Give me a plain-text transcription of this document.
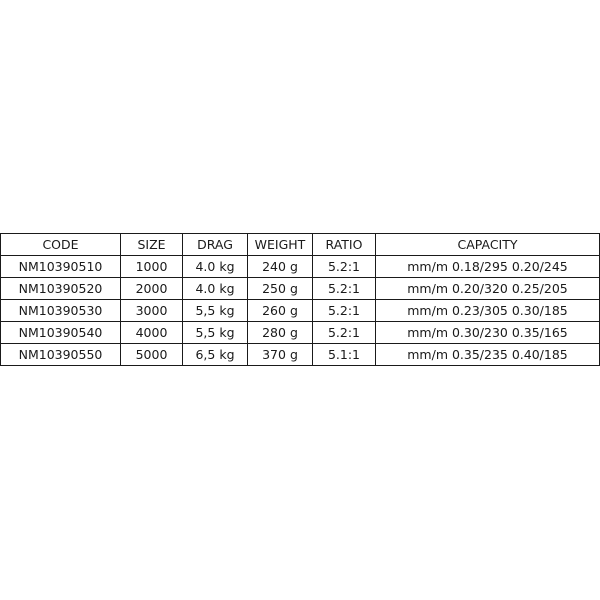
CODE	SIZE	DRAG	WEIGHT	RATIO	CAPACITY
NM10390510	1000	4.0 kg	240 g	5.2:1	mm/m 0.18/295 0.20/245
NM10390520	2000	4.0 kg	250 g	5.2:1	mm/m 0.20/320 0.25/205
NM10390530	3000	5,5 kg	260 g	5.2:1	mm/m 0.23/305 0.30/185
NM10390540	4000	5,5 kg	280 g	5.2:1	mm/m 0.30/230 0.35/165
NM10390550	5000	6,5 kg	370 g	5.1:1	mm/m 0.35/235 0.40/185
